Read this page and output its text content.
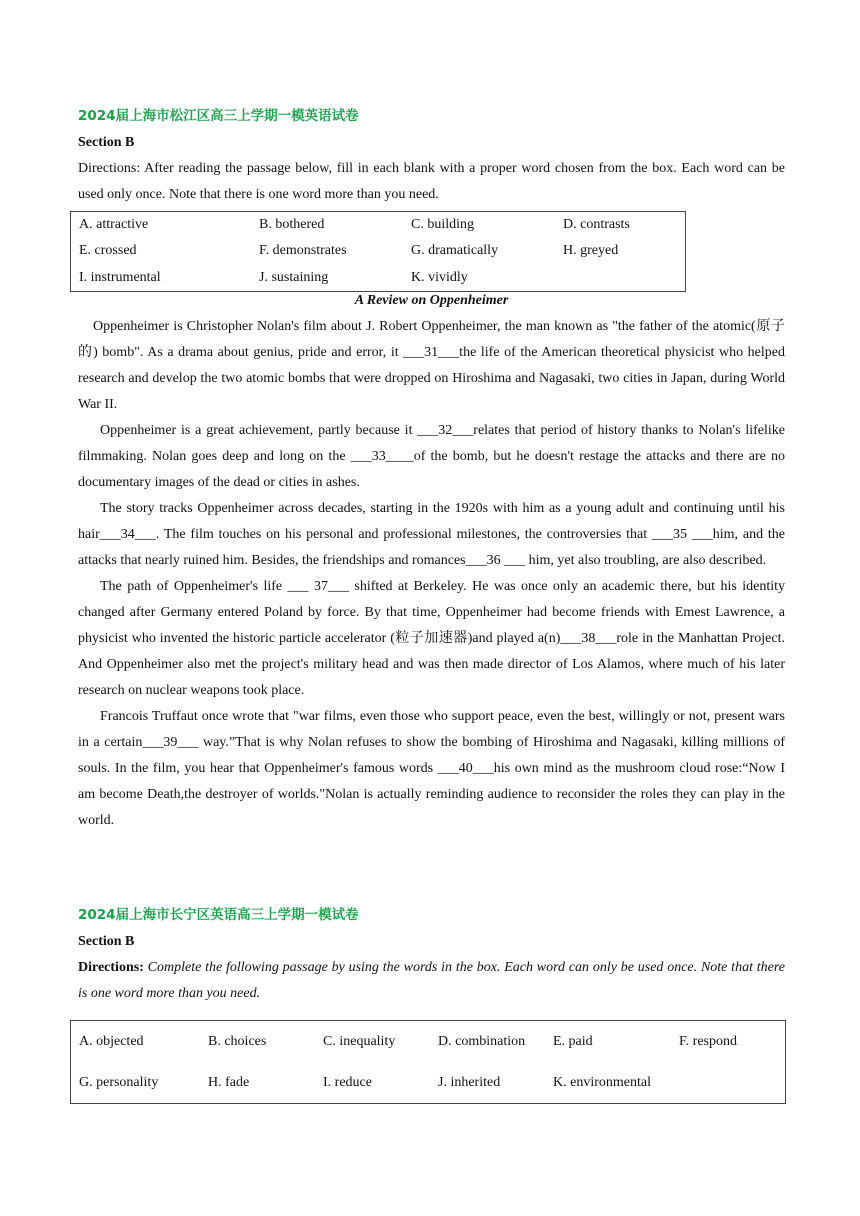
2024届上海市松江区高三上学期一模英语试卷
Section B
Directions: After reading the passage below, fill in each blank with a proper word chosen from the box. Each word can be used only once. Note that there is one word more than you need.
A. attractive	B. bothered	C. building	D. contrasts
E. crossed	F. demonstrates	G. dramatically	H. greyed
I. instrumental	J. sustaining	K. vividly	
A Review on Oppenheimer

Oppenheimer is Christopher Nolan's film about J. Robert Oppenheimer, the man known as "the father of the atomic(原子的) bomb". As a drama about genius, pride and error, it ___31___the life of the American theoretical physicist who helped research and develop the two atomic bombs that were dropped on Hiroshima and Nagasaki, two cities in Japan, during World War II.

Oppenheimer is a great achievement, partly because it ___32___relates that period of history thanks to Nolan's lifelike filmmaking. Nolan goes deep and long on the ___33____of the bomb, but he doesn't restage the attacks and there are no documentary images of the dead or cities in ashes.

The story tracks Oppenheimer across decades, starting in the 1920s with him as a young adult and continuing until his hair___34___. The film touches on his personal and professional milestones, the controversies that ___35 ___him, and the attacks that nearly ruined him. Besides, the friendships and romances___36 ___ him, yet also troubling, are also described.

The path of Oppenheimer's life ___ 37___ shifted at Berkeley. He was once only an academic there, but his identity changed after Germany entered Poland by force. By that time, Oppenheimer had become friends with Emest Lawrence, a physicist who invented the historic particle accelerator (粒子加速器)and played a(n)___38___role in the Manhattan Project. And Oppenheimer also met the project's military head and was then made director of Los Alamos, where much of his later research on nuclear weapons took place.

Francois Truffaut once wrote that "war films, even those who support peace, even the best, willingly or not, present wars in a certain___39___ way.”That is why Nolan refuses to show the bombing of Hiroshima and Nagasaki, killing millions of souls. In the film, you hear that Oppenheimer's famous words ___40___his own mind as the mushroom cloud rose:“Now I am become Death,the destroyer of worlds."Nolan is actually reminding audience to reconsider the roles they can play in the world.

2024届上海市长宁区英语高三上学期一模试卷
Section B
Directions: Complete the following passage by using the words in the box. Each word can only be used once. Note that there is one word more than you need.
A. objected	B. choices	C. inequality	D. combination	E. paid	F. respond
G. personality	H. fade	I. reduce	J. inherited	K. environmental	
